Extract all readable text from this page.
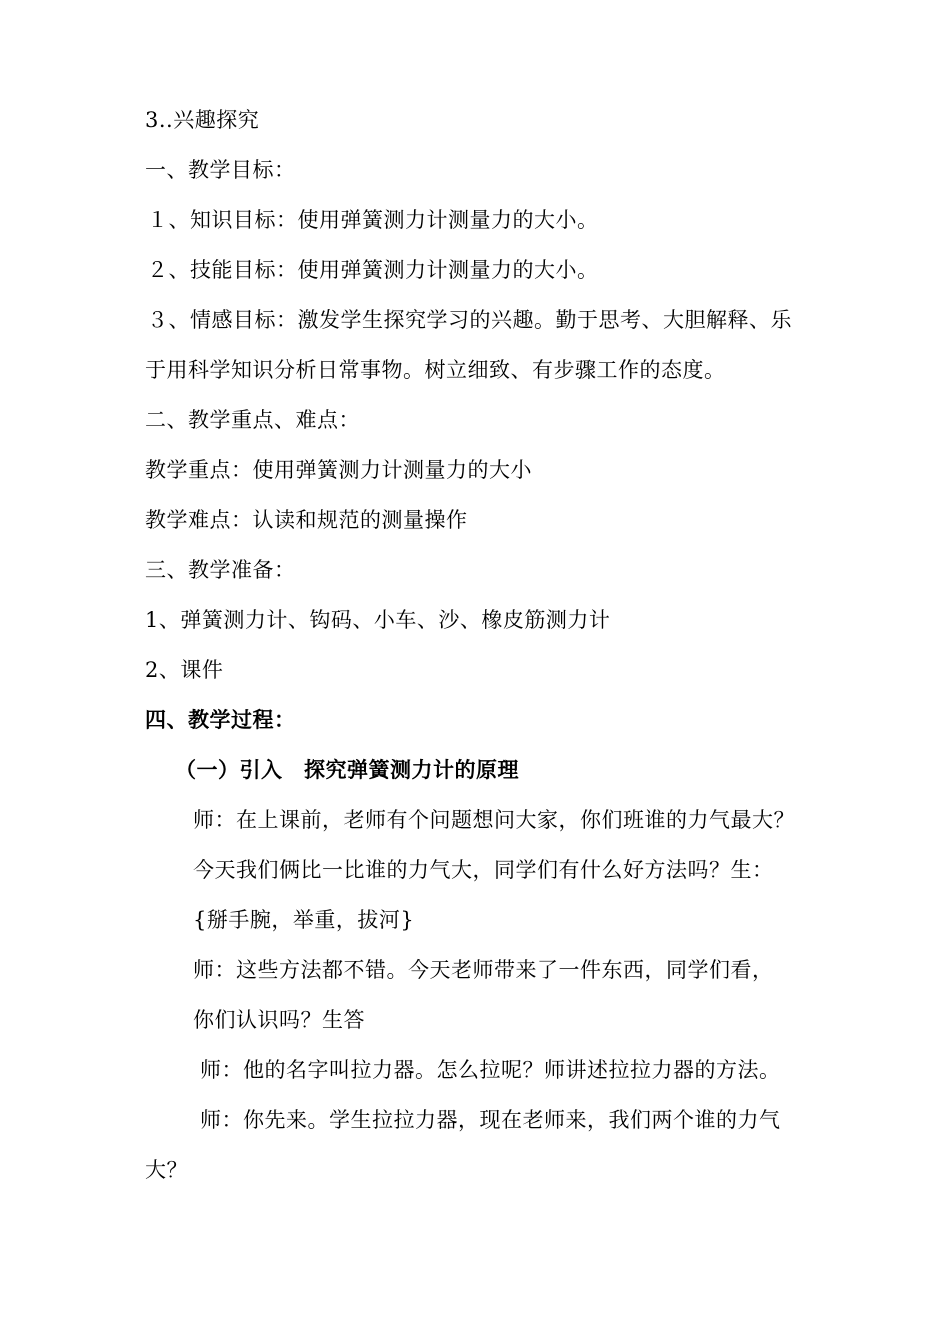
3..兴趣探究
一、教学目标：
１、知识目标：使用弹簧测力计测量力的大小。
２、技能目标：使用弹簧测力计测量力的大小。
３、情感目标：激发学生探究学习的兴趣。勤于思考、大胆解释、乐
于用科学知识分析日常事物。树立细致、有步骤工作的态度。
二、教学重点、难点：
教学重点：使用弹簧测力计测量力的大小
教学难点：认读和规范的测量操作
三、教学准备：
1、弹簧测力计、钩码、小车、沙、橡皮筋测力计
2、课件
四、教学过程：
（一）引入　探究弹簧测力计的原理
师：在上课前，老师有个问题想问大家，你们班谁的力气最大？
今天我们俩比一比谁的力气大，同学们有什么好方法吗？生：
{掰手腕，举重，拔河}
师：这些方法都不错。今天老师带来了一件东西，同学们看，
你们认识吗？生答
师：他的名字叫拉力器。怎么拉呢？师讲述拉拉力器的方法。
师：你先来。学生拉拉力器，现在老师来，我们两个谁的力气
大？
